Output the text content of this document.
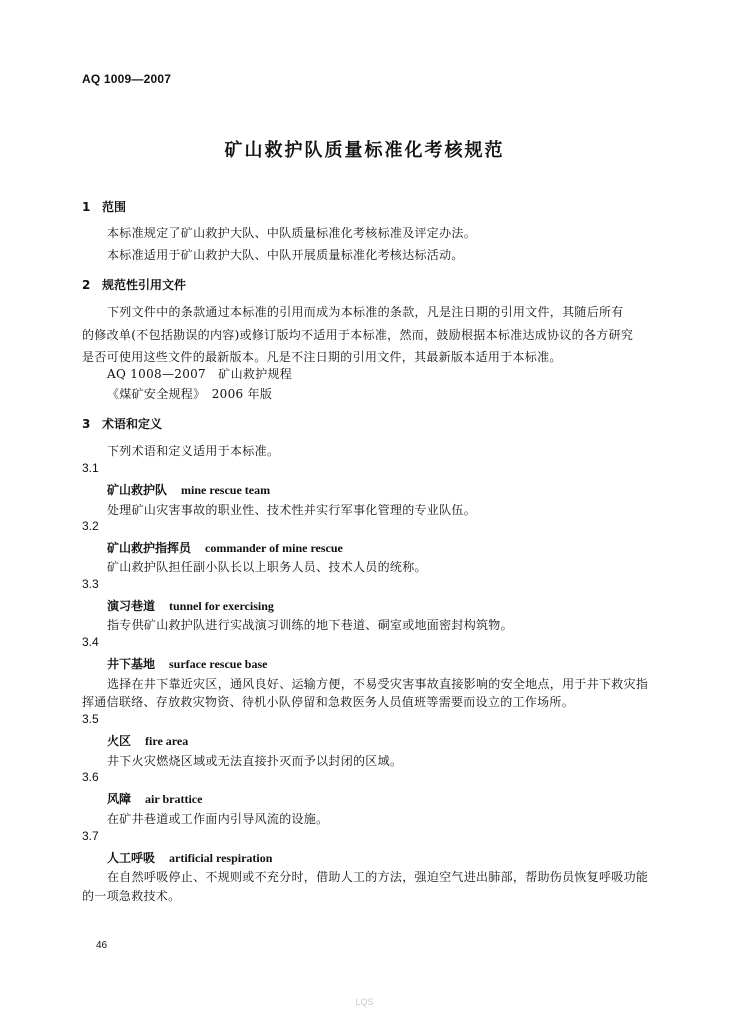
AQ 1009—2007
矿山救护队质量标准化考核规范
1 范围
本标准规定了矿山救护大队、中队质量标准化考核标准及评定办法。
本标准适用于矿山救护大队、中队开展质量标准化考核达标活动。
2 规范性引用文件
下列文件中的条款通过本标准的引用而成为本标准的条款，凡是注日期的引用文件，其随后所有
的修改单(不包括勘误的内容)或修订版均不适用于本标准，然而，鼓励根据本标准达成协议的各方研究
是否可使用这些文件的最新版本。凡是不注日期的引用文件，其最新版本适用于本标准。
AQ 1008—2007　矿山救护规程
《煤矿安全规程》　2006 年版
3 术语和定义
下列术语和定义适用于本标准。
3.1
矿山救护队 mine rescue team
处理矿山灾害事故的职业性、技术性并实行军事化管理的专业队伍。
3.2
矿山救护指挥员 commander of mine rescue
矿山救护队担任副小队长以上职务人员、技术人员的统称。
3.3
演习巷道 tunnel for exercising
指专供矿山救护队进行实战演习训练的地下巷道、硐室或地面密封构筑物。
3.4
井下基地 surface rescue base
选择在井下靠近灾区，通风良好、运输方便，不易受灾害事故直接影响的安全地点，用于井下救灾指
挥通信联络、存放救灾物资、待机小队停留和急救医务人员值班等需要而设立的工作场所。
3.5
火区 fire area
井下火灾燃烧区域或无法直接扑灭而予以封闭的区域。
3.6
风障 air brattice
在矿井巷道或工作面内引导风流的设施。
3.7
人工呼吸 artificial respiration
在自然呼吸停止、不规则或不充分时，借助人工的方法，强迫空气进出肺部，帮助伤员恢复呼吸功能
的一项急救技术。
46
LQS
